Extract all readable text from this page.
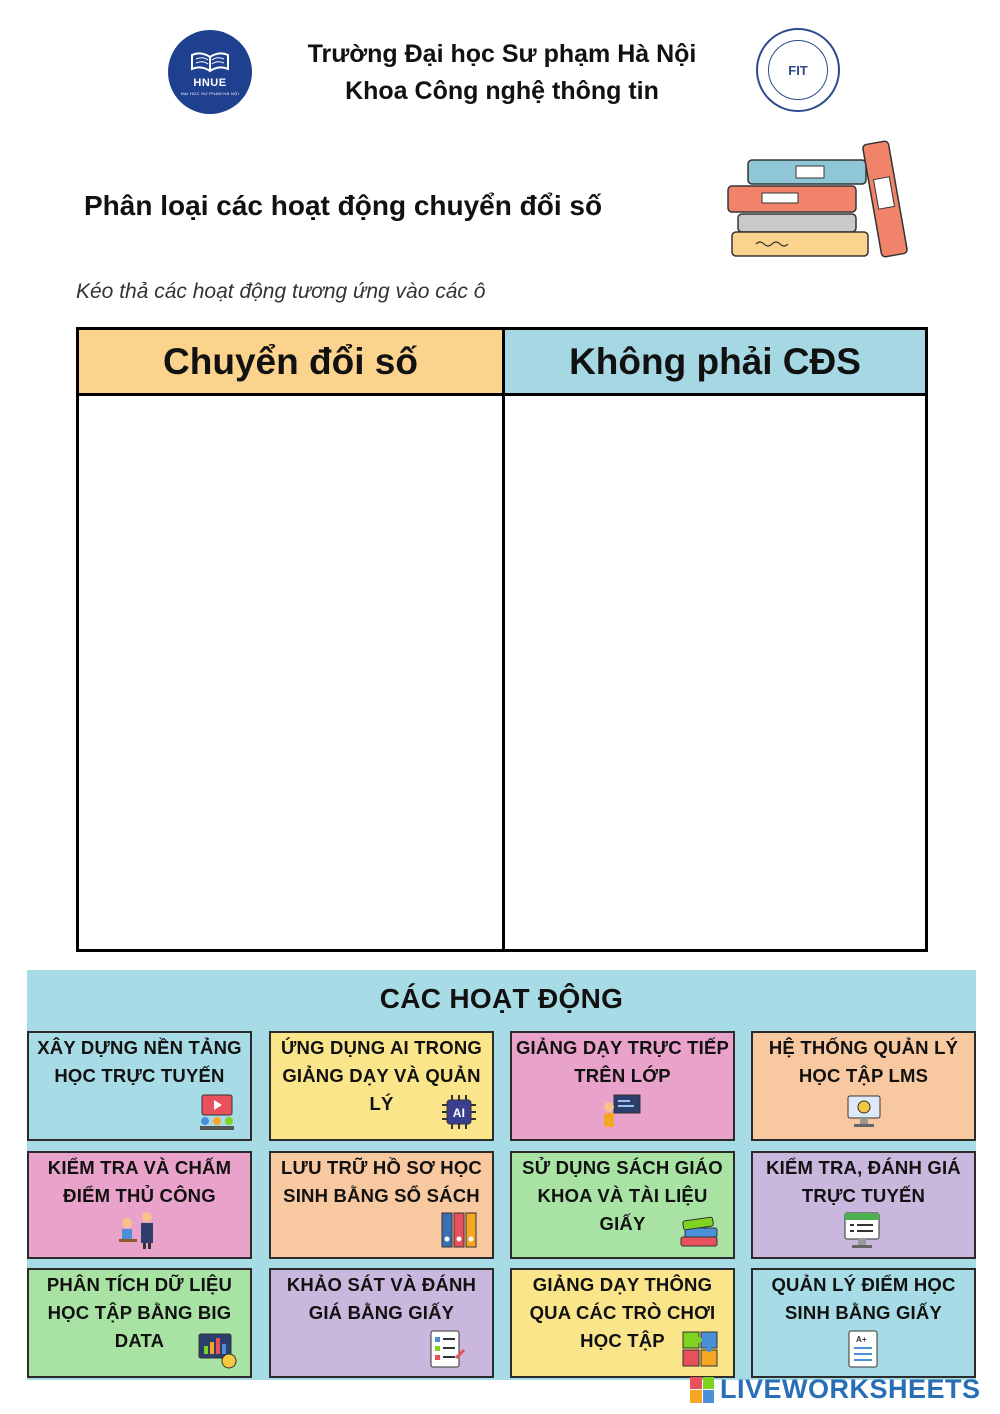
HNUE
ĐẠI HỌC SƯ PHẠM HÀ NỘI
Trường Đại học Sư phạm Hà Nội
Khoa Công nghệ thông tin
FIT
Phân loại các hoạt động chuyển đổi số
Kéo thả các hoạt động tương ứng vào các ô
Chuyển đổi số	Không phải CĐS
CÁC HOẠT ĐỘNG
XÂY DỰNG NỀN TẢNG HỌC TRỰC TUYẾN
ỨNG DỤNG AI TRONG GIẢNG DẠY VÀ QUẢN LÝ	AI
GIẢNG DẠY TRỰC TIẾP TRÊN LỚP
HỆ THỐNG QUẢN LÝ HỌC TẬP LMS
KIỂM TRA VÀ CHẤM ĐIỂM THỦ CÔNG
LƯU TRỮ HỒ SƠ HỌC SINH BẰNG SỔ SÁCH
SỬ DỤNG SÁCH GIÁO KHOA VÀ TÀI LIỆU GIẤY
KIỂM TRA, ĐÁNH GIÁ TRỰC TUYẾN
PHÂN TÍCH DỮ LIỆU HỌC TẬP BẰNG BIG DATA
KHẢO SÁT VÀ ĐÁNH GIÁ BẰNG GIẤY
GIẢNG DẠY THÔNG QUA CÁC TRÒ CHƠI HỌC TẬP
QUẢN LÝ ĐIỂM HỌC SINH BẰNG GIẤY
A+
LIVEWORKSHEETS
